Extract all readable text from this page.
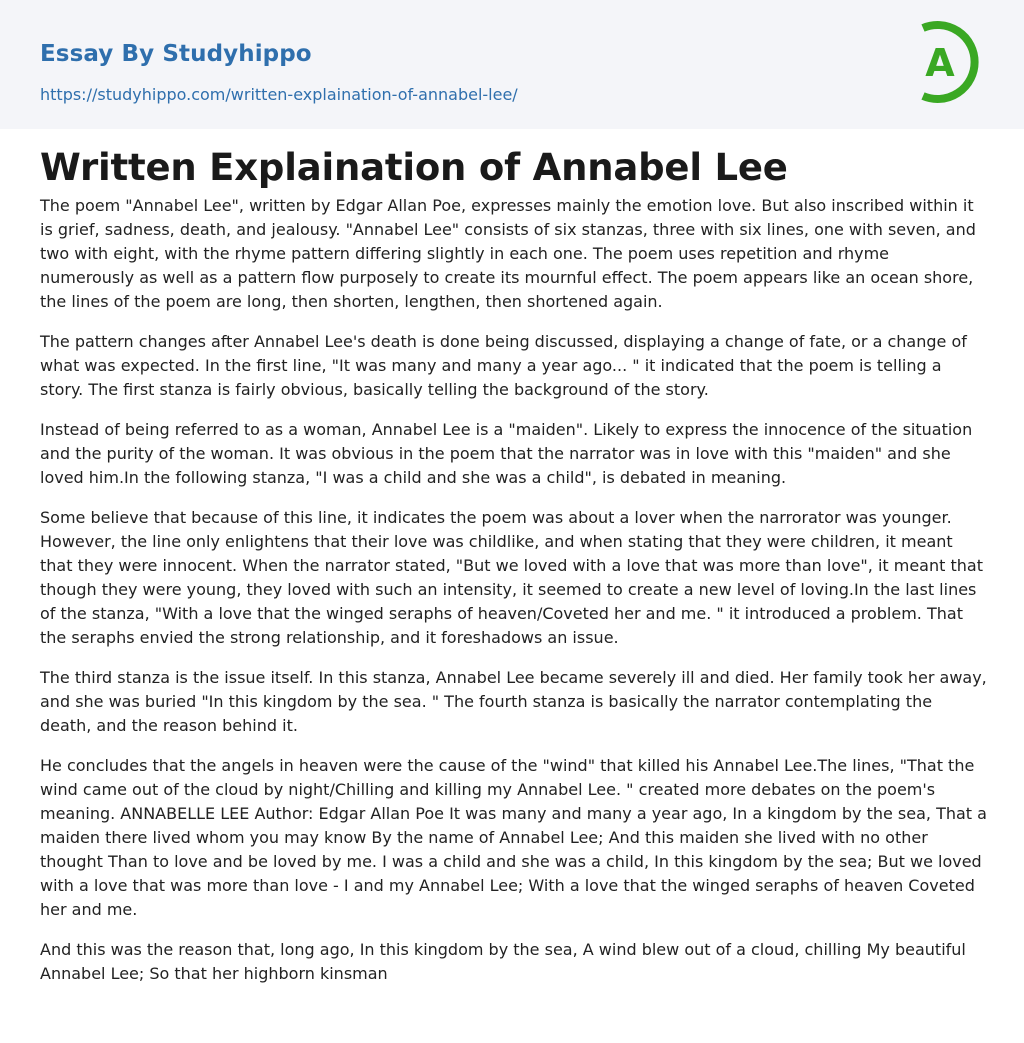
Essay By Studyhippo
https://studyhippo.com/written-explaination-of-annabel-lee/
A
Written Explaination of Annabel Lee

The poem "Annabel Lee", written by Edgar Allan Poe, expresses mainly the emotion love. But also inscribed within it is grief, sadness, death, and jealousy. "Annabel Lee" consists of six stanzas, three with six lines, one with seven, and two with eight, with the rhyme pattern differing slightly in each one. The poem uses repetition and rhyme numerously as well as a pattern flow purposely to create its mournful effect. The poem appears like an ocean shore, the lines of the poem are long, then shorten, lengthen, then shortened again.

The pattern changes after Annabel Lee's death is done being discussed, displaying a change of fate, or a change of what was expected. In the first line, "It was many and many a year ago... " it indicated that the poem is telling a story. The first stanza is fairly obvious, basically telling the background of the story.

Instead of being referred to as a woman, Annabel Lee is a "maiden". Likely to express the innocence of the situation and the purity of the woman. It was obvious in the poem that the narrator was in love with this "maiden" and she loved him.In the following stanza, "I was a child and she was a child", is debated in meaning.

Some believe that because of this line, it indicates the poem was about a lover when the narrorator was younger. However, the line only enlightens that their love was childlike, and when stating that they were children, it meant that they were innocent. When the narrator stated, "But we loved with a love that was more than love", it meant that though they were young, they loved with such an intensity, it seemed to create a new level of loving.In the last lines of the stanza, "With a love that the winged seraphs of heaven/Coveted her and me. " it introduced a problem. That the seraphs envied the strong relationship, and it foreshadows an issue.

The third stanza is the issue itself. In this stanza, Annabel Lee became severely ill and died. Her family took her away, and she was buried "In this kingdom by the sea. " The fourth stanza is basically the narrator contemplating the death, and the reason behind it.

He concludes that the angels in heaven were the cause of the "wind" that killed his Annabel Lee.The lines, "That the wind came out of the cloud by night/Chilling and killing my Annabel Lee. " created more debates on the poem's meaning. ANNABELLE LEE Author: Edgar Allan Poe It was many and many a year ago, In a kingdom by the sea, That a maiden there lived whom you may know By the name of Annabel Lee; And this maiden she lived with no other thought Than to love and be loved by me. I was a child and she was a child, In this kingdom by the sea; But we loved with a love that was more than love - I and my Annabel Lee; With a love that the winged seraphs of heaven Coveted her and me.

And this was the reason that, long ago, In this kingdom by the sea, A wind blew out of a cloud, chilling My beautiful Annabel Lee; So that her highborn kinsman
